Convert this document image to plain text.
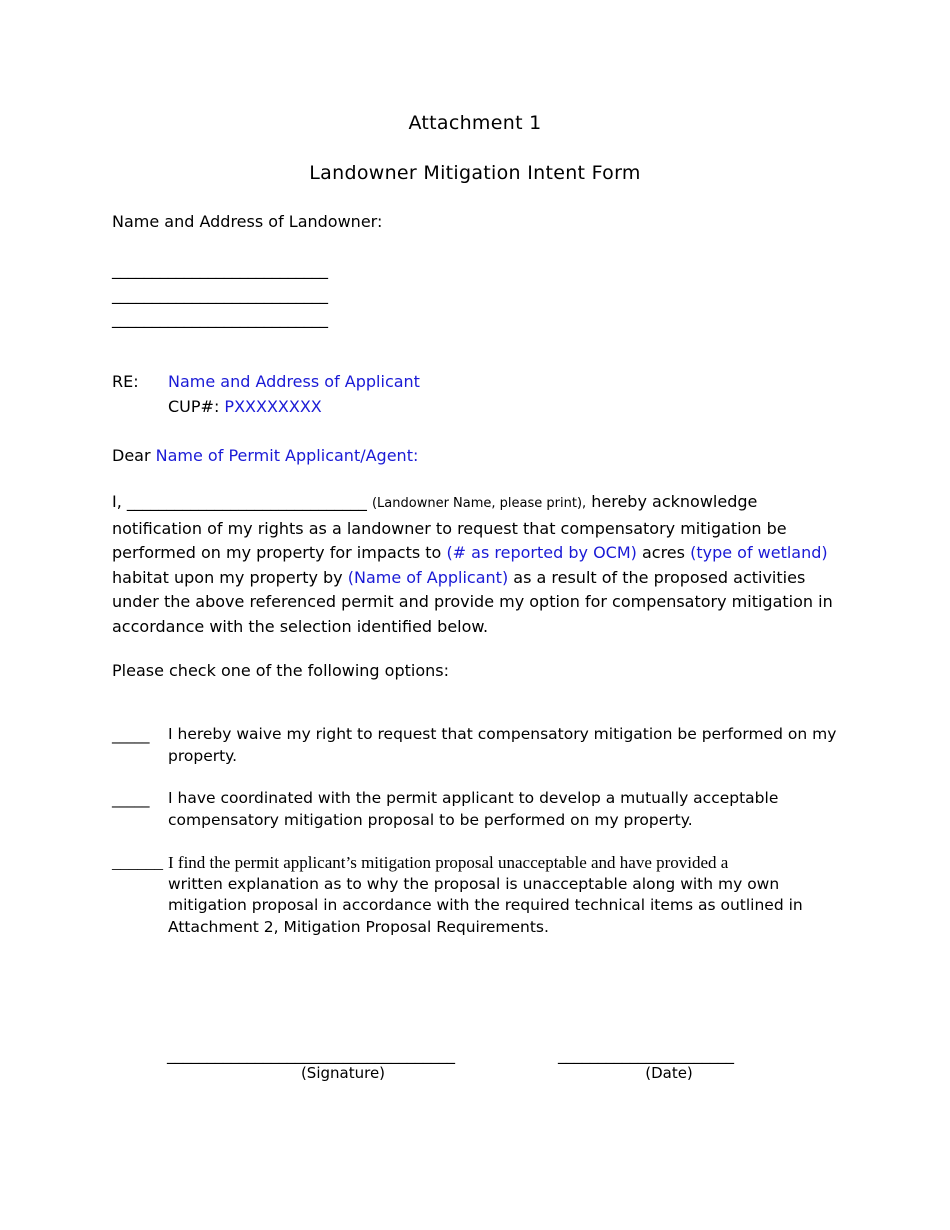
Attachment 1
Landowner Mitigation Intent Form
Name and Address of Landowner:
___________________________
___________________________
___________________________
RE: Name and Address of Applicant
CUP#: PXXXXXXXX
Dear Name of Permit Applicant/Agent:
I, ______________________________ (Landowner Name, please print), hereby acknowledge notification of my rights as a landowner to request that compensatory mitigation be performed on my property for impacts to (# as reported by OCM) acres (type of wetland) habitat upon my property by (Name of Applicant) as a result of the proposed activities under the above referenced permit and provide my option for compensatory mitigation in accordance with the selection identified below.
Please check one of the following options:
_____ I hereby waive my right to request that compensatory mitigation be performed on my property.
_____ I have coordinated with the permit applicant to develop a mutually acceptable compensatory mitigation proposal to be performed on my property.
______ I find the permit applicant’s mitigation proposal unacceptable and have provided a
written explanation as to why the proposal is unacceptable along with my own mitigation proposal in accordance with the required technical items as outlined in Attachment 2, Mitigation Proposal Requirements.
____________________________________
(Signature)
______________________
(Date)
